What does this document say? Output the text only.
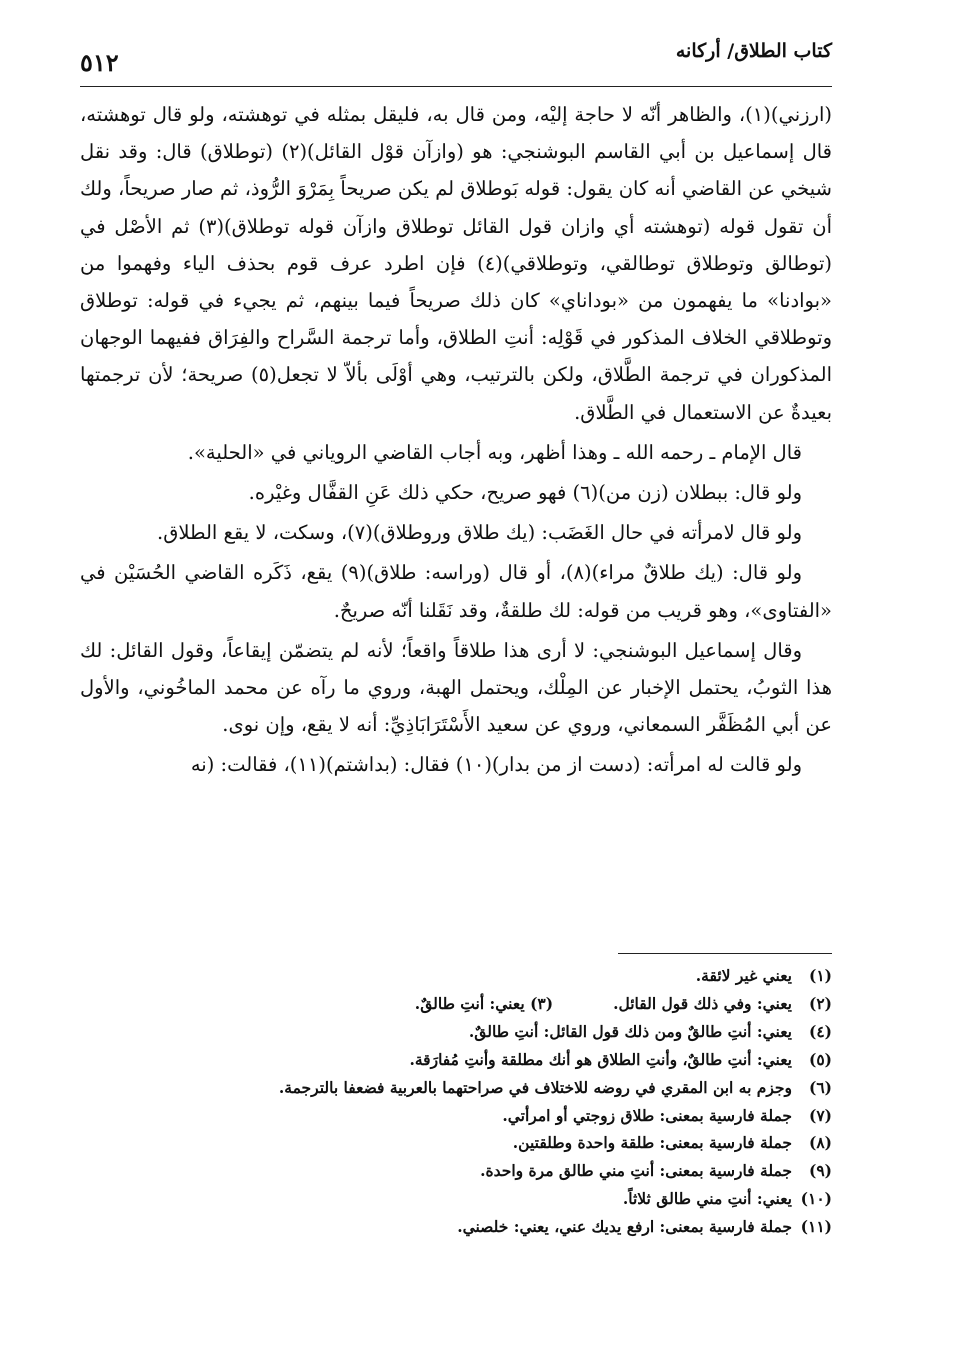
كتاب الطلاق/ أركانه
٥١٢

(ارزني)(١)، والظاهر أنّه لا حاجة إليْه، ومن قال به، فليقل بمثله في توهشته، ولو قال توهشته، قال إسماعيل بن أبي القاسم البوشنجي: هو (وازآن قوْل القائل)(٢) (توطلاق) قال: وقد نقل شيخي عن القاضي أنه كان يقول: قوله بَوطلاق لم يكن صريحاً بِمَرْوَ الرُّوذ، ثم صار صريحاً، ولك أن تقول قوله (توهشته أي وازان قول القائل توطلاق وازآن قوله توطلاق)(٣) ثم الأصْل في (توطالق وتوطلاق توطالقي، وتوطلاقي)(٤) فإن اطرد عرف قوم بحذف الياء وفهموا من «بوادنا» ما يفهمون من «بوداناي» كان ذلك صريحاً فيما بينهم، ثم يجيء في قوله: توطلاق وتوطلاقي الخلاف المذكور في قَوْلِه: أنتِ الطلاق، وأما ترجمة السَّراح والفِرَاق ففيهما الوجهان المذكوران في ترجمة الطَّلاق، ولكن بالترتيب، وهي أوْلَى بألاّ لا تجعل(٥) صريحة؛ لأن ترجمتها بعيدةٌ عن الاستعمال في الطَّلاق.

قال الإمام ـ رحمه الله ـ وهذا أظهر، وبه أجاب القاضي الروياني في «الحلية».

ولو قال: ببطلان (زن من)(٦) فهو صريح، حكي ذلك عَنِ القفَّال وغيْره.

ولو قال لامرأته في حال الغَضَب: (يك طلاق وروطلاق)(٧)، وسكت، لا يقع الطلاق.

ولو قال: (يك طلاقٌ مراء)(٨)، أو قال (وراسه: طلاق)(٩) يقع، ذَكَره القاضي الحُسَيْن في «الفتاوى»، وهو قريب من قوله: لك طلقةٌ، وقد نَقَلنا أنّه صريحٌ.

وقال إسماعيل البوشنجي: لا أرى هذا طلاقاً واقعاً؛ لأنه لم يتضمّن إيقاعاً، وقول القائل: لك هذا الثوبُ، يحتمل الإخبار عن المِلْك، ويحتمل الهبة، وروي ما رآه عن محمد الماخُوني، والأول عن أبي المُظَفَّر السمعاني، وروي عن سعيد الأَسْتَرَابَاذِيِّ: أنه لا يقع، وإن نوى.

ولو قالت له امرأته: (دست از من بدار)(١٠) فقال: (بداشتم)(١١)، فقالت: (نه

(١)يعني غير لائقة.
(٢)يعني: وفي ذلك قول القائل.(٣) يعني: أنتِ طالقٌ.
(٤)يعني: أنتِ طالقٌ ومن ذلك قول القائل: أنتِ طالقٌ.
(٥)يعني: أنتِ طالقٌ، وأنتِ الطلاق هو أنك مطلقة وأنتِ مُفارَقة.
(٦)وجزم به ابن المقري في روضه للاختلاف في صراحتهما بالعربية فضعفا بالترجمة.
(٧)جملة فارسية بمعنى: طلاق زوجتي أو امرأتي.
(٨)جملة فارسية بمعنى: طلقة واحدة وطلقتين.
(٩)جملة فارسية بمعنى: أنتِ مني طالق مرة واحدة.
(١٠)يعني: أنتِ مني طالق ثلاثاً.
(١١)جملة فارسية بمعنى: ارفع يديك عني، يعني: خلصني.
